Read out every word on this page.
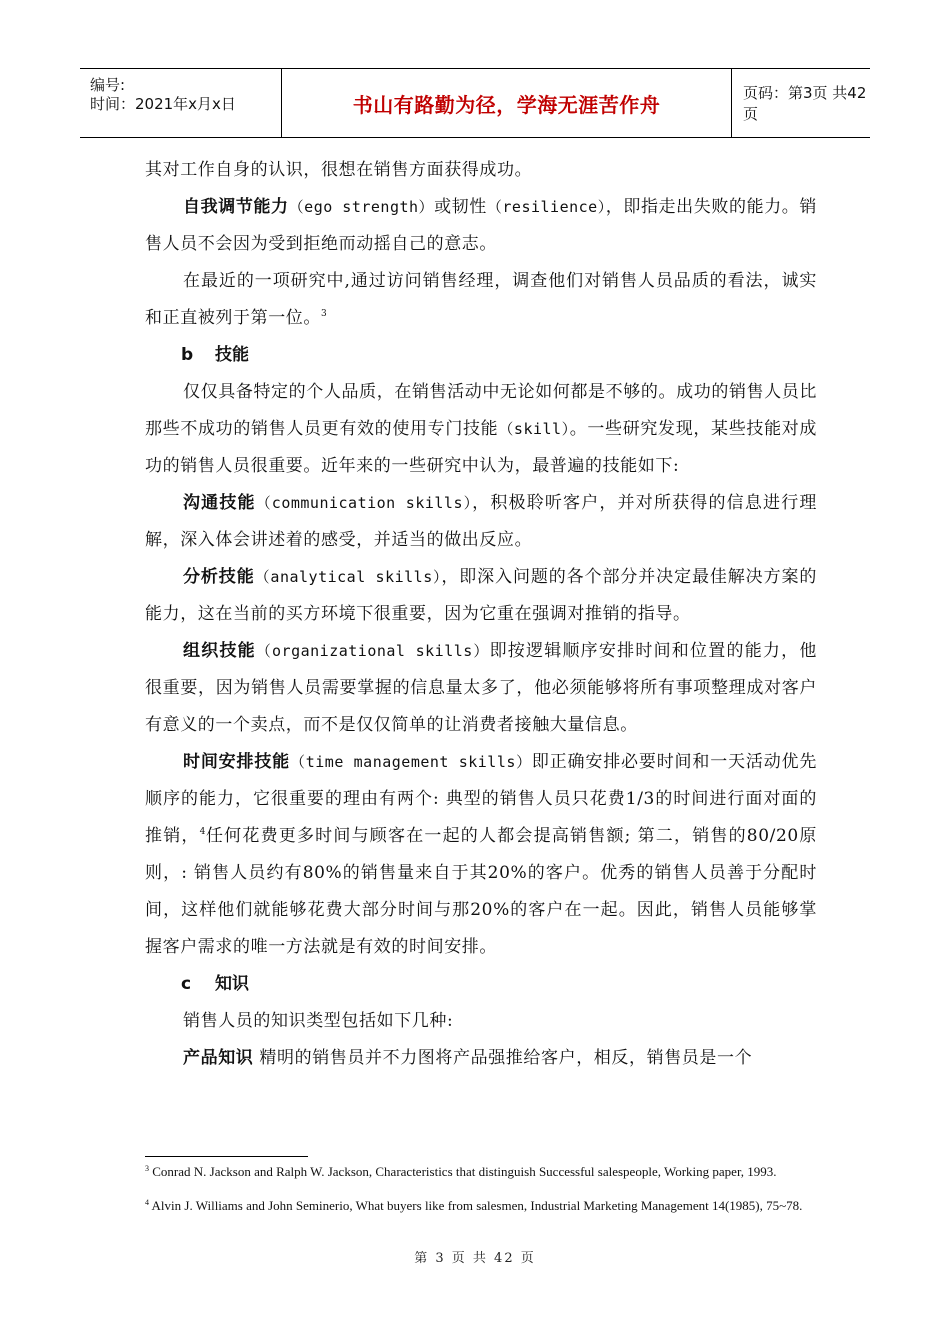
编号:
时间：2021年x月x日	书山有路勤为径，学海无涯苦作舟	页码：第3页 共42页

其对工作自身的认识，很想在销售方面获得成功。

自我调节能力（ego strength）或韧性（resilience），即指走出失败的能力。销售人员不会因为受到拒绝而动摇自己的意志。

在最近的一项研究中,通过访问销售经理，调查他们对销售人员品质的看法，诚实和正直被列于第一位。$^3$

b 技能

仅仅具备特定的个人品质，在销售活动中无论如何都是不够的。成功的销售人员比那些不成功的销售人员更有效的使用专门技能（skill）。一些研究发现，某些技能对成功的销售人员很重要。近年来的一些研究中认为，最普遍的技能如下:

沟通技能（communication skills），积极聆听客户，并对所获得的信息进行理解，深入体会讲述着的感受，并适当的做出反应。

分析技能（analytical skills），即深入问题的各个部分并决定最佳解决方案的能力，这在当前的买方环境下很重要，因为它重在强调对推销的指导。

组织技能（organizational skills）即按逻辑顺序安排时间和位置的能力，他很重要，因为销售人员需要掌握的信息量太多了，他必须能够将所有事项整理成对客户有意义的一个卖点，而不是仅仅简单的让消费者接触大量信息。

时间安排技能（time management skills）即正确安排必要时间和一天活动优先顺序的能力，它很重要的理由有两个: 典型的销售人员只花费1/3的时间进行面对面的推销，$^4$任何花费更多时间与顾客在一起的人都会提高销售额; 第二，销售的80/20原则，: 销售人员约有80%的销售量来自于其20%的客户。优秀的销售人员善于分配时间，这样他们就能够花费大部分时间与那20%的客户在一起。因此，销售人员能够掌握客户需求的唯一方法就是有效的时间安排。

c 知识

销售人员的知识类型包括如下几种:

产品知识 精明的销售员并不力图将产品强推给客户，相反，销售员是一个

$^3$ Conrad N. Jackson and Ralph W. Jackson, Characteristics that distinguish Successful salespeople, Working paper, 1993.
$^4$ Alvin J. Williams and John Seminerio, What buyers like from salesmen, Industrial Marketing Management 14(1985), 75~78.
第 3 页 共 42 页
